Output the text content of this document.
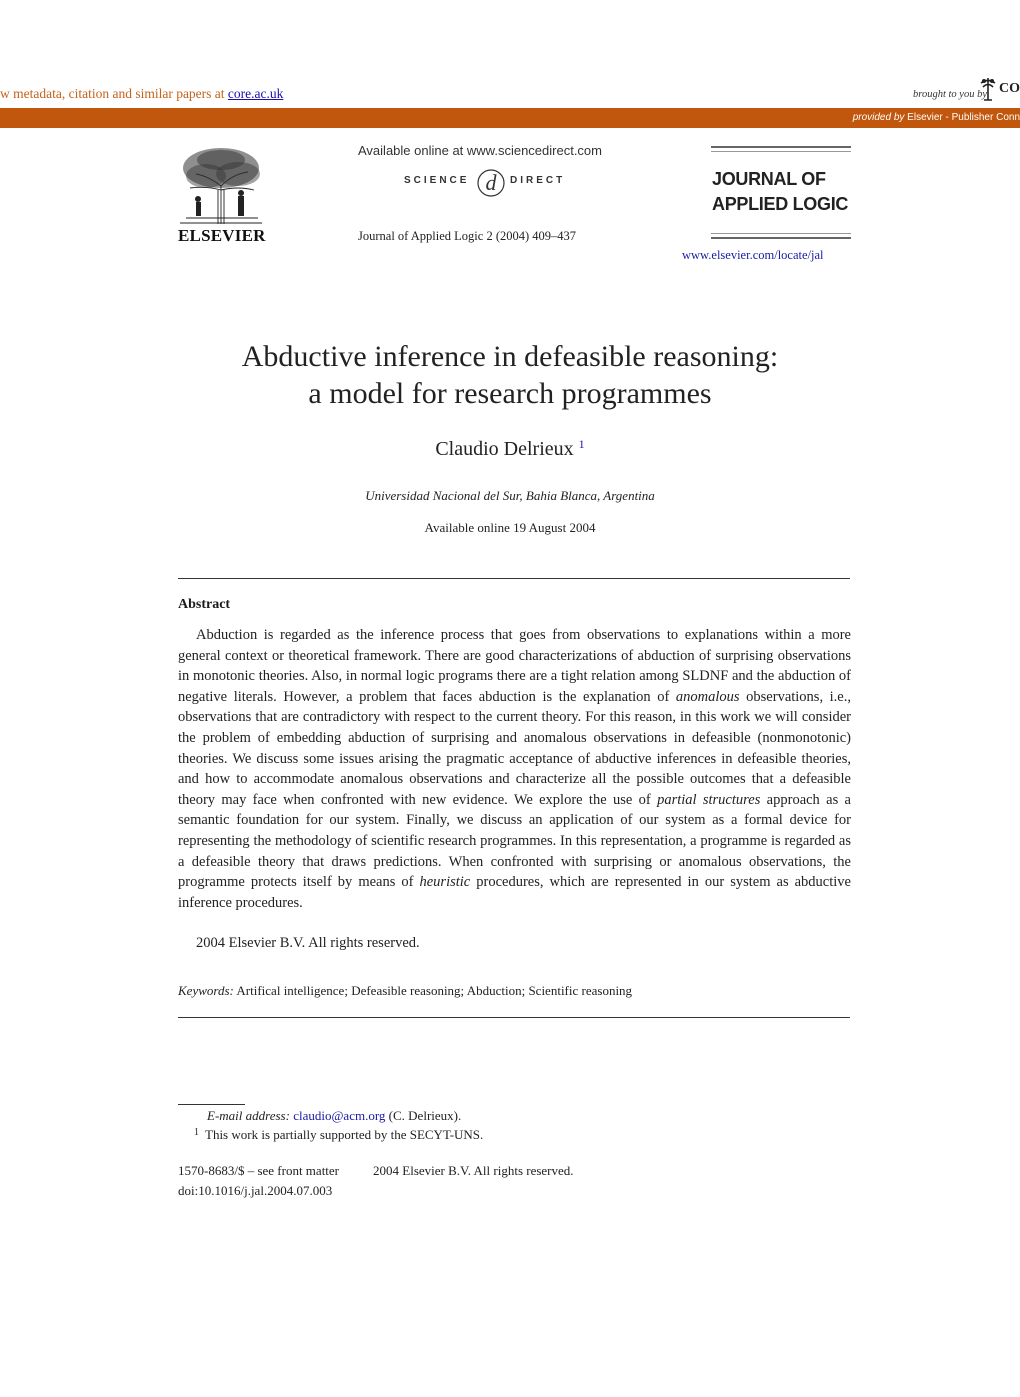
w metadata, citation and similar papers at core.ac.uk	brought to you by CO
provided by Elsevier - Publisher Conn
ELSEVIER
Available online at www.sciencedirect.com
SCIENCE d DIRECT
Journal of Applied Logic 2 (2004) 409–437
JOURNAL OF
APPLIED LOGIC
www.elsevier.com/locate/jal
Abductive inference in defeasible reasoning:
a model for research programmes
Claudio Delrieux $^1$
Universidad Nacional del Sur, Bahia Blanca, Argentina
Available online 19 August 2004
Abstract

Abduction is regarded as the inference process that goes from observations to explanations within a more general context or theoretical framework. There are good characterizations of abduction of surprising observations in monotonic theories. Also, in normal logic programs there are a tight relation among SLDNF and the abduction of negative literals. However, a problem that faces abduction is the explanation of anomalous observations, i.e., observations that are contradictory with respect to the current theory. For this reason, in this work we will consider the problem of embedding abduction of surprising and anomalous observations in defeasible (nonmonotonic) theories. We discuss some issues arising the pragmatic acceptance of abductive inferences in defeasible theories, and how to accommodate anomalous observations and characterize all the possible outcomes that a defeasible theory may face when confronted with new evidence. We explore the use of partial structures approach as a semantic foundation for our system. Finally, we discuss an application of our system as a formal device for representing the methodology of scientific research programmes. In this representation, a programme is regarded as a defeasible theory that draws predictions. When confronted with surprising or anomalous observations, the programme protects itself by means of heuristic procedures, which are represented in our system as abductive inference procedures.

2004 Elsevier B.V. All rights reserved.
Keywords: Artifical intelligence; Defeasible reasoning; Abduction; Scientific reasoning
E-mail address: claudio@acm.org (C. Delrieux).
$^1$ This work is partially supported by the SECYT-UNS.
1570-8683/$ – see front matter	2004 Elsevier B.V. All rights reserved.
doi:10.1016/j.jal.2004.07.003
